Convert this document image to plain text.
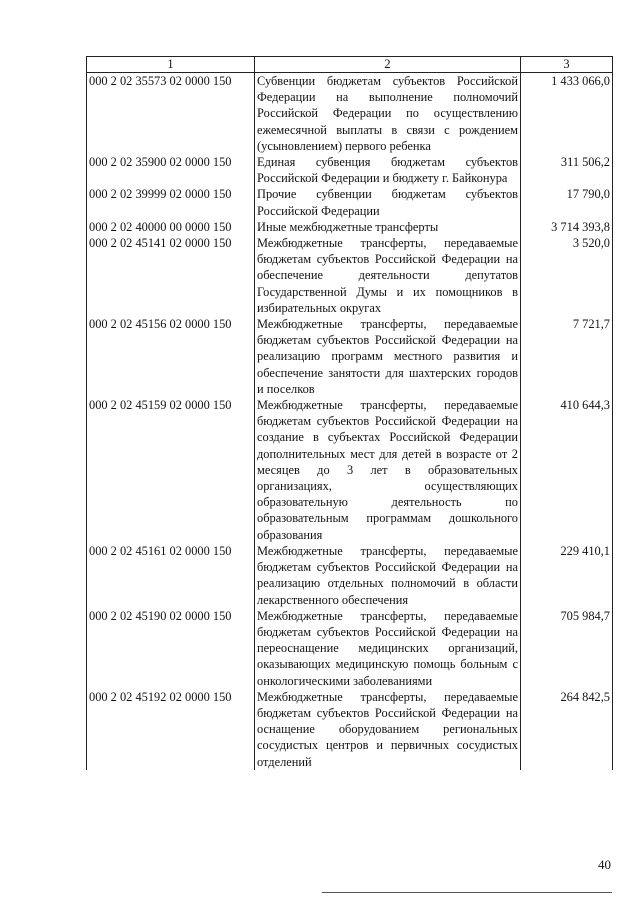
1	2	3
000 2 02 35573 02 0000 150	Субвенции бюджетам субъектов Российской Федерации на выполнение полномочий Российской Федерации по осуществлению ежемесячной выплаты в связи с рождением (усыновлением) первого ребенка	1 433 066,0
000 2 02 35900 02 0000 150	Единая субвенция бюджетам субъектов Российской Федерации и бюджету г. Байконура	311 506,2
000 2 02 39999 02 0000 150	Прочие субвенции бюджетам субъектов Российской Федерации	17 790,0
000 2 02 40000 00 0000 150	Иные межбюджетные трансферты	3 714 393,8
000 2 02 45141 02 0000 150	Межбюджетные трансферты, передаваемые бюджетам субъектов Российской Федерации на обеспечение деятельности депутатов Государственной Думы и их помощников в избирательных округах	3 520,0
000 2 02 45156 02 0000 150	Межбюджетные трансферты, передаваемые бюджетам субъектов Российской Федерации на реализацию программ местного развития и обеспечение занятости для шахтерских городов и поселков	7 721,7
000 2 02 45159 02 0000 150	Межбюджетные трансферты, передаваемые бюджетам субъектов Российской Федерации на создание в субъектах Российской Федерации дополнительных мест для детей в возрасте от 2 месяцев до 3 лет в образовательных организациях, осуществляющих образовательную деятельность по образовательным программам дошкольного образования	410 644,3
000 2 02 45161 02 0000 150	Межбюджетные трансферты, передаваемые бюджетам субъектов Российской Федерации на реализацию отдельных полномочий в области лекарственного обеспечения	229 410,1
000 2 02 45190 02 0000 150	Межбюджетные трансферты, передаваемые бюджетам субъектов Российской Федерации на переоснащение медицинских организаций, оказывающих медицинскую помощь больным с онкологическими заболеваниями	705 984,7
000 2 02 45192 02 0000 150	Межбюджетные трансферты, передаваемые бюджетам субъектов Российской Федерации на оснащение оборудованием региональных сосудистых центров и первичных сосудистых отделений	264 842,5
40
